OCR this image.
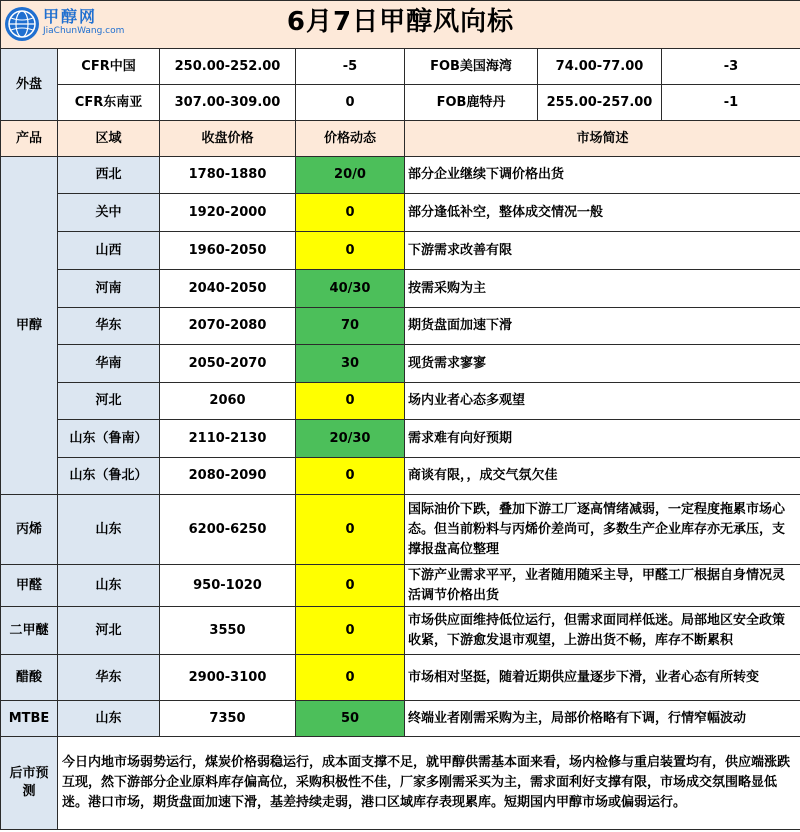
甲醇网
JiaChunWang.com 6月7日甲醇风向标						
外盘	CFR中国	250.00-252.00	-5	FOB美国海湾	74.00-77.00	-3
	CFR东南亚	307.00-309.00	0	FOB鹿特丹	255.00-257.00	-1
产品	区域	收盘价格	价格动态	市场简述		
甲醇	西北	1780-1880	20/0	部分企业继续下调价格出货		
	关中	1920-2000	0	部分逢低补空，整体成交情况一般		
	山西	1960-2050	0	下游需求改善有限		
	河南	2040-2050	40/30	按需采购为主		
	华东	2070-2080	70	期货盘面加速下滑		
	华南	2050-2070	30	现货需求寥寥		
	河北	2060	0	场内业者心态多观望		
	山东（鲁南）	2110-2130	20/30	需求难有向好预期		
	山东（鲁北）	2080-2090	0	商谈有限，，成交气氛欠佳		
丙烯	山东	6200-6250	0	国际油价下跌，叠加下游工厂逐高情绪减弱，一定程度拖累市场心态。但当前粉料与丙烯价差尚可，多数生产企业库存亦无承压，支撑报盘高位整理		
甲醛	山东	950-1020	0	下游产业需求平平，业者随用随采主导，甲醛工厂根据自身情况灵活调节价格出货		
二甲醚	河北	3550	0	市场供应面维持低位运行，但需求面同样低迷。局部地区安全政策收紧，下游愈发退市观望，上游出货不畅，库存不断累积		
醋酸	华东	2900-3100	0	市场相对坚挺，随着近期供应量逐步下滑，业者心态有所转变		
MTBE	山东	7350	50	终端业者刚需采购为主，局部价格略有下调，行情窄幅波动		
后市预测	今日内地市场弱势运行，煤炭价格弱稳运行，成本面支撑不足，就甲醇供需基本面来看，场内检修与重启装置均有，供应端涨跌互现，然下游部分企业原料库存偏高位，采购积极性不佳，厂家多刚需采买为主，需求面利好支撑有限，市场成交氛围略显低迷。港口市场，期货盘面加速下滑，基差持续走弱，港口区域库存表现累库。短期国内甲醇市场或偏弱运行。
